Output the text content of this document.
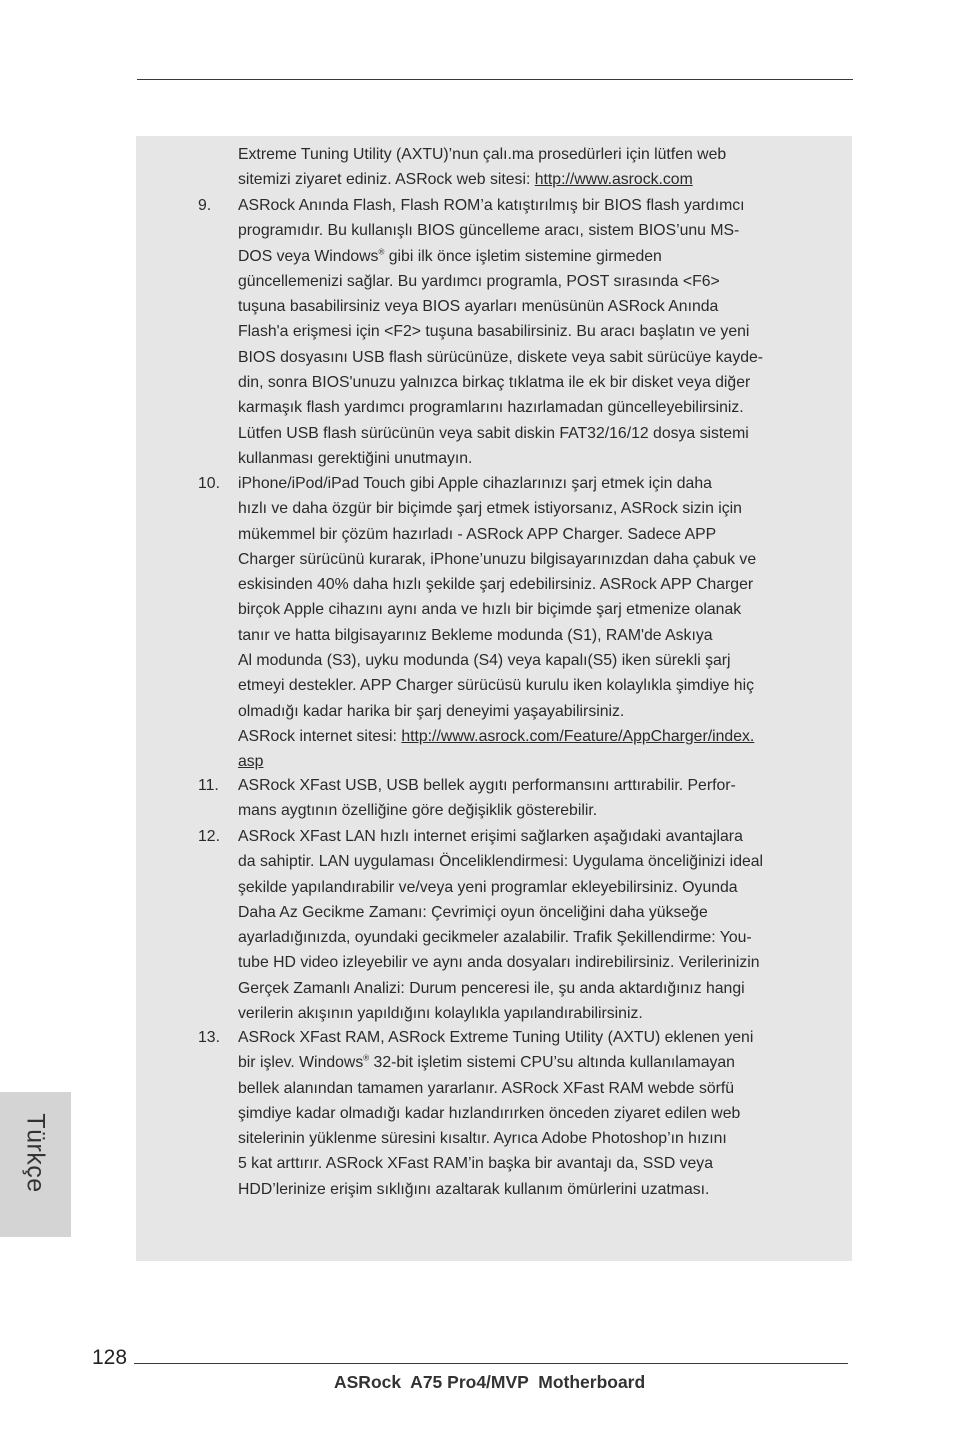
Extreme Tuning Utility (AXTU)’nun çalı.ma prosedürleri için lütfen web
sitemizi ziyaret ediniz. ASRock web sitesi: http://www.asrock.com
9.	ASRock Anında Flash, Flash ROM’a katıştırılmış bir BIOS flash yardımcı
programıdır. Bu kullanışlı BIOS güncelleme aracı, sistem BIOS’unu MS-
DOS veya Windows® gibi ilk önce işletim sistemine girmeden
güncellemenizi sağlar. Bu yardımcı programla, POST sırasında <F6>
tuşuna basabilirsiniz veya BIOS ayarları menüsünün ASRock Anında
Flash'a erişmesi için <F2> tuşuna basabilirsiniz. Bu aracı başlatın ve yeni
BIOS dosyasını USB flash sürücünüze, diskete veya sabit sürücüye kayde-
din, sonra BIOS'unuzu yalnızca birkaç tıklatma ile ek bir disket veya diğer
karmaşık flash yardımcı programlarını hazırlamadan güncelleyebilirsiniz.
Lütfen USB flash sürücünün veya sabit diskin FAT32/16/12 dosya sistemi
kullanması gerektiğini unutmayın.
10.	iPhone/iPod/iPad Touch gibi Apple cihazlarınızı şarj etmek için daha
hızlı ve daha özgür bir biçimde şarj etmek istiyorsanız, ASRock sizin için
mükemmel bir çözüm hazırladı - ASRock APP Charger. Sadece APP
Charger sürücünü kurarak, iPhone’unuzu bilgisayarınızdan daha çabuk ve
eskisinden 40% daha hızlı şekilde şarj edebilirsiniz. ASRock APP Charger
birçok Apple cihazını aynı anda ve hızlı bir biçimde şarj etmenize olanak
tanır ve hatta bilgisayarınız Bekleme modunda (S1), RAM'de Askıya
Al modunda (S3), uyku modunda (S4) veya kapalı(S5) iken sürekli şarj
etmeyi destekler. APP Charger sürücüsü kurulu iken kolaylıkla şimdiye hiç
olmadığı kadar harika bir şarj deneyimi yaşayabilirsiniz.
ASRock internet sitesi: http://www.asrock.com/Feature/AppCharger/index.
asp
11.	ASRock XFast USB, USB bellek aygıtı performansını arttırabilir. Perfor-
mans aygtının özelliğine göre değişiklik gösterebilir.
12.	ASRock XFast LAN hızlı internet erişimi sağlarken aşağıdaki avantajlara
da sahiptir. LAN uygulaması Önceliklendirmesi: Uygulama önceliğinizi ideal
şekilde yapılandırabilir ve/veya yeni programlar ekleyebilirsiniz. Oyunda
Daha Az Gecikme Zamanı: Çevrimiçi oyun önceliğini daha yükseğe
ayarladığınızda, oyundaki gecikmeler azalabilir. Trafik Şekillendirme: You-
tube HD video izleyebilir ve aynı anda dosyaları indirebilirsiniz. Verilerinizin
Gerçek Zamanlı Analizi: Durum penceresi ile, şu anda aktardığınız hangi
verilerin akışının yapıldığını kolaylıkla yapılandırabilirsiniz.
13.	ASRock XFast RAM, ASRock Extreme Tuning Utility (AXTU) eklenen yeni
bir işlev. Windows® 32-bit işletim sistemi CPU’su altında kullanılamayan
bellek alanından tamamen yararlanır. ASRock XFast RAM webde sörfü
şimdiye kadar olmadığı kadar hızlandırırken önceden ziyaret edilen web
sitelerinin yüklenme süresini kısaltır. Ayrıca Adobe Photoshop’ın hızını
5 kat arttırır. ASRock XFast RAM’in başka bir avantajı da, SSD veya
HDD’lerinize erişim sıklığını azaltarak kullanım ömürlerini uzatması.
Türkçe
128
ASRock  A75 Pro4/MVP  Motherboard
